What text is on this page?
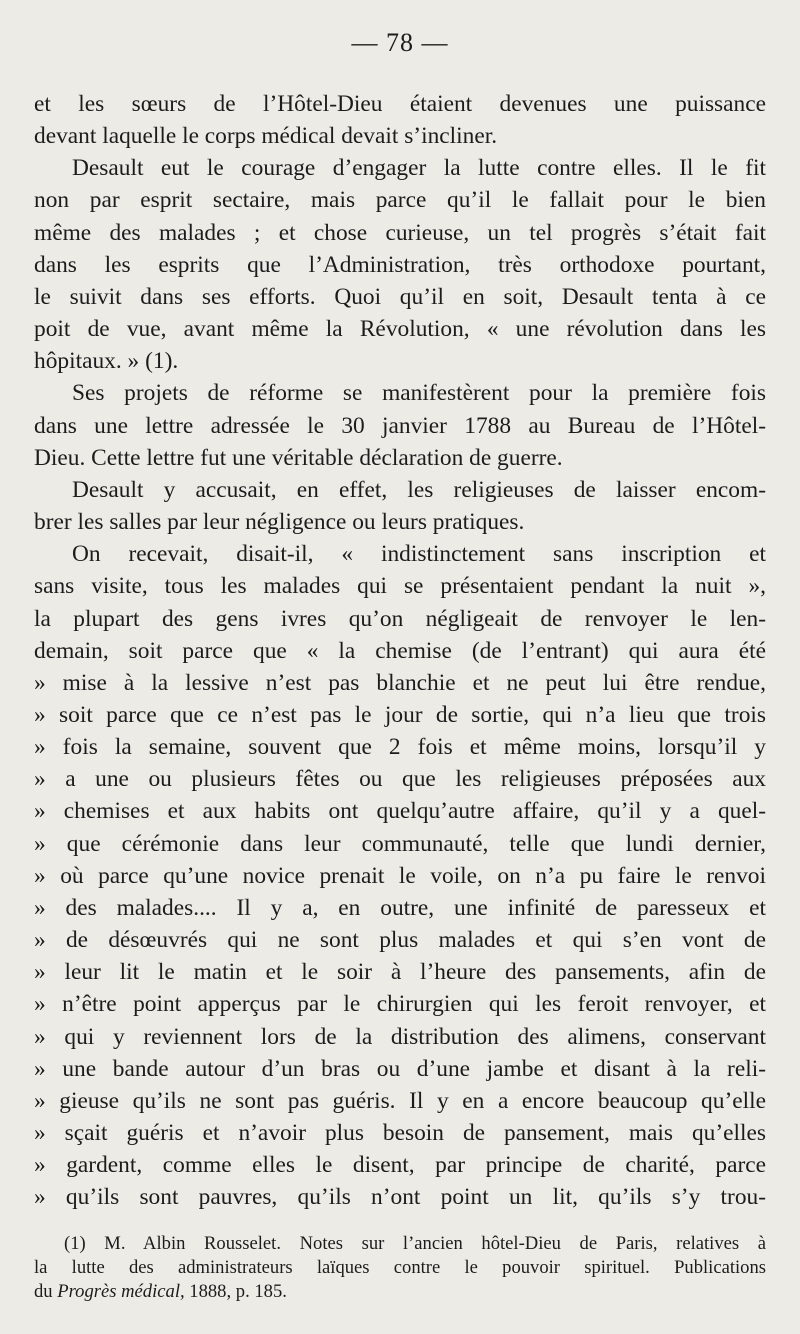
— 78 —
et les sœurs de l’Hôtel-Dieu étaient devenues une puissance
devant laquelle le corps médical devait s’incliner.
Desault eut le courage d’engager la lutte contre elles. Il le fit
non par esprit sectaire, mais parce qu’il le fallait pour le bien
même des malades ; et chose curieuse, un tel progrès s’était fait
dans les esprits que l’Administration, très orthodoxe pourtant,
le suivit dans ses efforts. Quoi qu’il en soit, Desault tenta à ce
poit de vue, avant même la Révolution, « une révolution dans les
hôpitaux. » (1).
Ses projets de réforme se manifestèrent pour la première fois
dans une lettre adressée le 30 janvier 1788 au Bureau de l’Hôtel-
Dieu. Cette lettre fut une véritable déclaration de guerre.
Desault y accusait, en effet, les religieuses de laisser encom-
brer les salles par leur négligence ou leurs pratiques.
On recevait, disait-il, « indistinctement sans inscription et
sans visite, tous les malades qui se présentaient pendant la nuit »,
la plupart des gens ivres qu’on négligeait de renvoyer le len-
demain, soit parce que « la chemise (de l’entrant) qui aura été
» mise à la lessive n’est pas blanchie et ne peut lui être rendue,
» soit parce que ce n’est pas le jour de sortie, qui n’a lieu que trois
» fois la semaine, souvent que 2 fois et même moins, lorsqu’il y
» a une ou plusieurs fêtes ou que les religieuses préposées aux
» chemises et aux habits ont quelqu’autre affaire, qu’il y a quel-
» que cérémonie dans leur communauté, telle que lundi dernier,
» où parce qu’une novice prenait le voile, on n’a pu faire le renvoi
» des malades.... Il y a, en outre, une infinité de paresseux et
» de désœuvrés qui ne sont plus malades et qui s’en vont de
» leur lit le matin et le soir à l’heure des pansements, afin de
» n’être point apperçus par le chirurgien qui les feroit renvoyer, et
» qui y reviennent lors de la distribution des alimens, conservant
» une bande autour d’un bras ou d’une jambe et disant à la reli-
» gieuse qu’ils ne sont pas guéris. Il y en a encore beaucoup qu’elle
» sçait guéris et n’avoir plus besoin de pansement, mais qu’elles
» gardent, comme elles le disent, par principe de charité, parce
» qu’ils sont pauvres, qu’ils n’ont point un lit, qu’ils s’y trou-
(1) M. Albin Rousselet. Notes sur l’ancien hôtel-Dieu de Paris, relatives à
la lutte des administrateurs laïques contre le pouvoir spirituel. Publications
du Progrès médical, 1888, p. 185.
